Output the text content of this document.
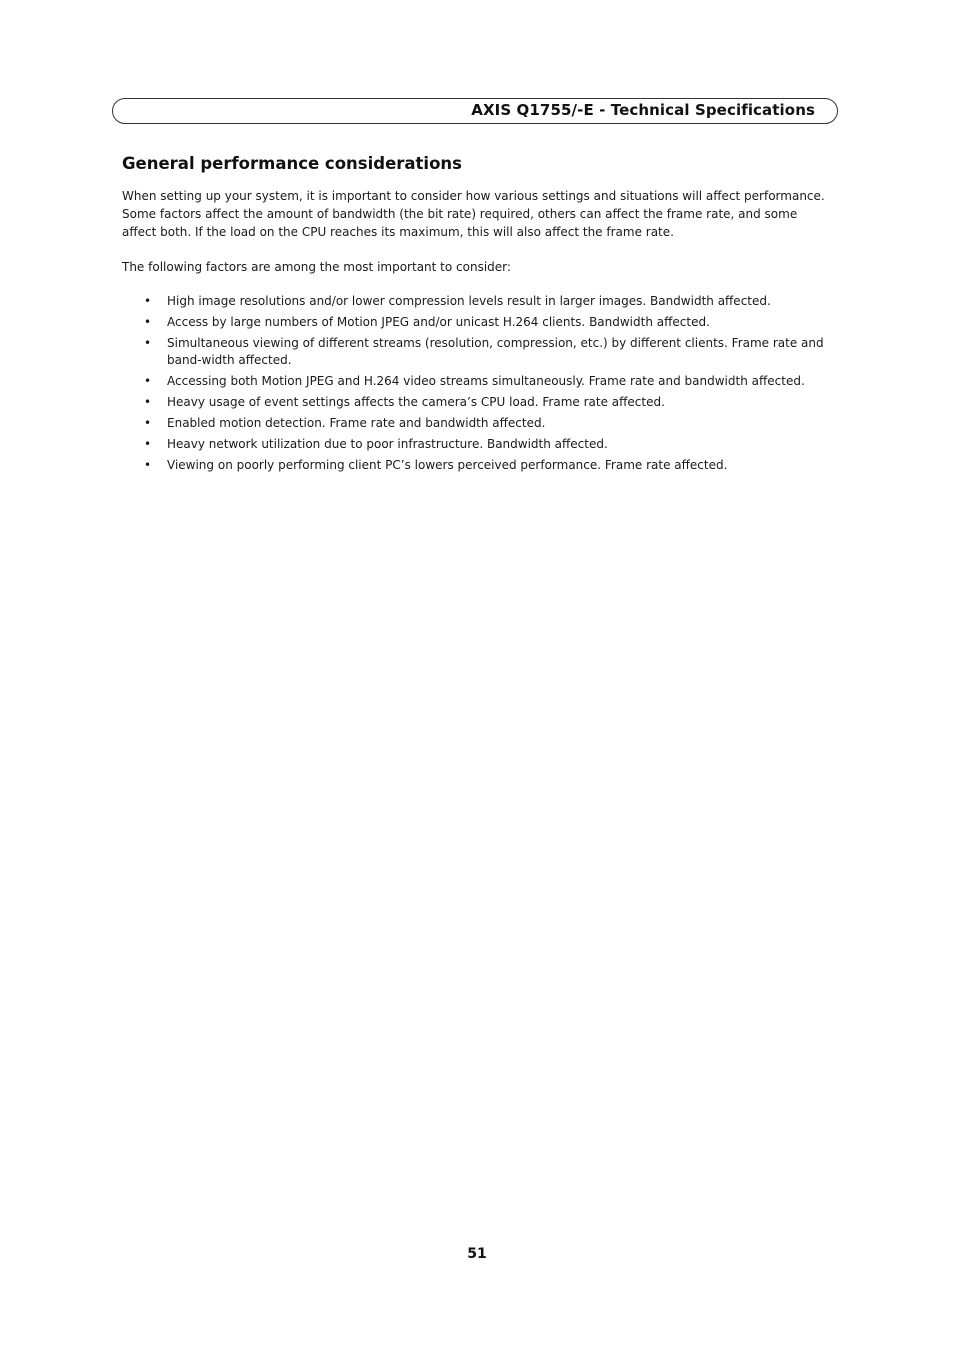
AXIS Q1755/-E - Technical Specifications
General performance considerations

When setting up your system, it is important to consider how various settings and situations will affect performance. Some factors affect the amount of bandwidth (the bit rate) required, others can affect the frame rate, and some affect both. If the load on the CPU reaches its maximum, this will also affect the frame rate.

The following factors are among the most important to consider:

• High image resolutions and/or lower compression levels result in larger images. Bandwidth affected.
• Access by large numbers of Motion JPEG and/or unicast H.264 clients. Bandwidth affected.
• Simultaneous viewing of different streams (resolution, compression, etc.) by different clients. Frame rate and band-width affected.
• Accessing both Motion JPEG and H.264 video streams simultaneously. Frame rate and bandwidth affected.
• Heavy usage of event settings affects the camera’s CPU load. Frame rate affected.
• Enabled motion detection. Frame rate and bandwidth affected.
• Heavy network utilization due to poor infrastructure. Bandwidth affected.
• Viewing on poorly performing client PC’s lowers perceived performance. Frame rate affected.
51
